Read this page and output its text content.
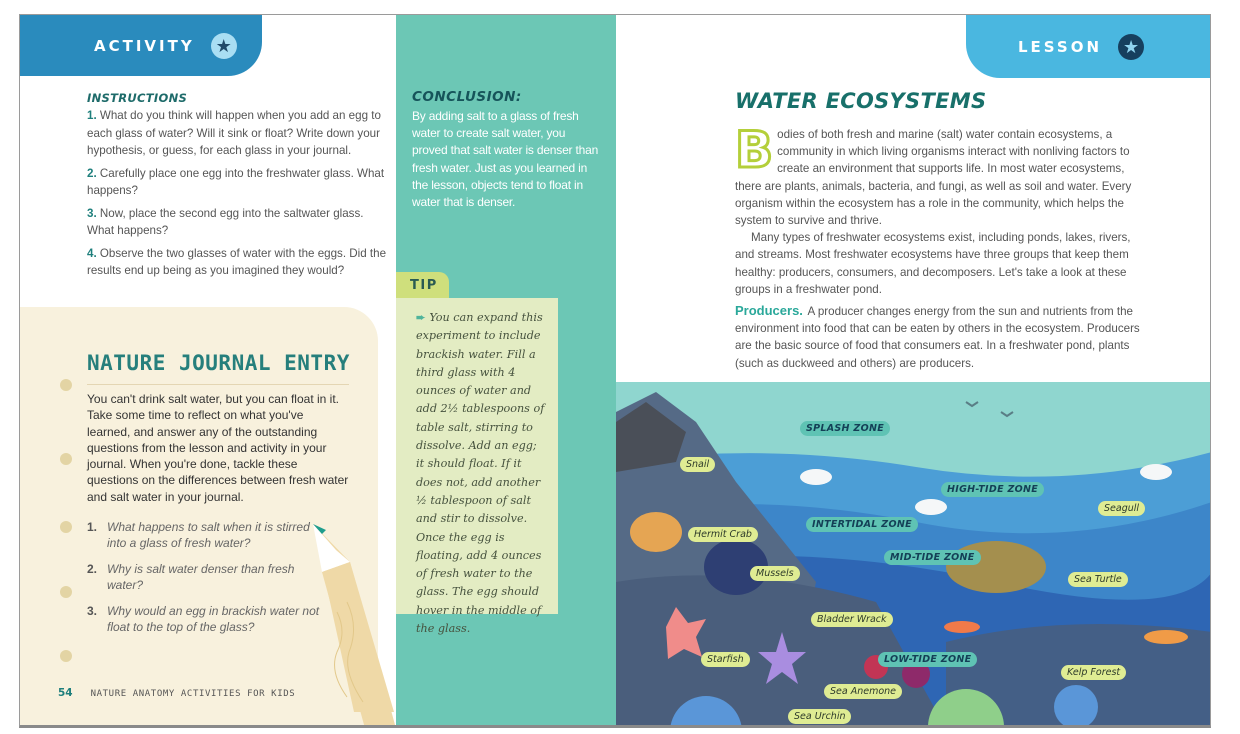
ACTIVITY ★
INSTRUCTIONS
1. What do you think will happen when you add an egg to each glass of water? Will it sink or float? Write down your hypothesis, or guess, for each glass in your journal.
2. Carefully place one egg into the freshwater glass. What happens?
3. Now, place the second egg into the saltwater glass. What happens?
4. Observe the two glasses of water with the eggs. Did the results end up being as you imagined they would?
NATURE JOURNAL ENTRY
You can't drink salt water, but you can float in it. Take some time to reflect on what you've learned, and answer any of the outstanding questions from the lesson and activity in your journal. When you're done, tackle these questions on the differences between fresh water and salt water in your journal.
1. What happens to salt when it is stirred into a glass of fresh water?
2. Why is salt water denser than fresh water?
3. Why would an egg in brackish water not float to the top of the glass?
54 NATURE ANATOMY ACTIVITIES FOR KIDS
CONCLUSION:
By adding salt to a glass of fresh water to create salt water, you proved that salt water is denser than fresh water. Just as you learned in the lesson, objects tend to float in water that is denser.
TIP
➨ You can expand this experiment to include brackish water. Fill a third glass with 4 ounces of water and add 2½ tablespoons of table salt, stirring to dissolve. Add an egg; it should float. If it does not, add another ½ tablespoon of salt and stir to dissolve. Once the egg is floating, add 4 ounces of fresh water to the glass. The egg should hover in the middle of the glass.
LESSON ★
WATER ECOSYSTEMS

Bodies of both fresh and marine (salt) water contain ecosystems, a community in which living organisms interact with nonliving factors to create an environment that supports life. In most water ecosystems, there are plants, animals, bacteria, and fungi, as well as soil and water. Every organism within the ecosystem has a role in the community, which helps the system to survive and thrive.

Many types of freshwater ecosystems exist, including ponds, lakes, rivers, and streams. Most freshwater ecosystems have three groups that keep them healthy: producers, consumers, and decomposers. Let's take a look at these groups in a freshwater pond.

Producers. A producer changes energy from the sun and nutrients from the environment into food that can be eaten by others in the ecosystem. Producers are the basic source of food that consumers eat. In a freshwater pond, plants (such as duckweed and others) are producers.

SPLASH ZONE
HIGH-TIDE ZONE
INTERTIDAL ZONE
MID-TIDE ZONE
LOW-TIDE ZONE
Snail
Hermit Crab
Mussels
Seagull
Sea Turtle
Bladder Wrack
Starfish
Sea Anemone
Sea Urchin
Kelp Forest
